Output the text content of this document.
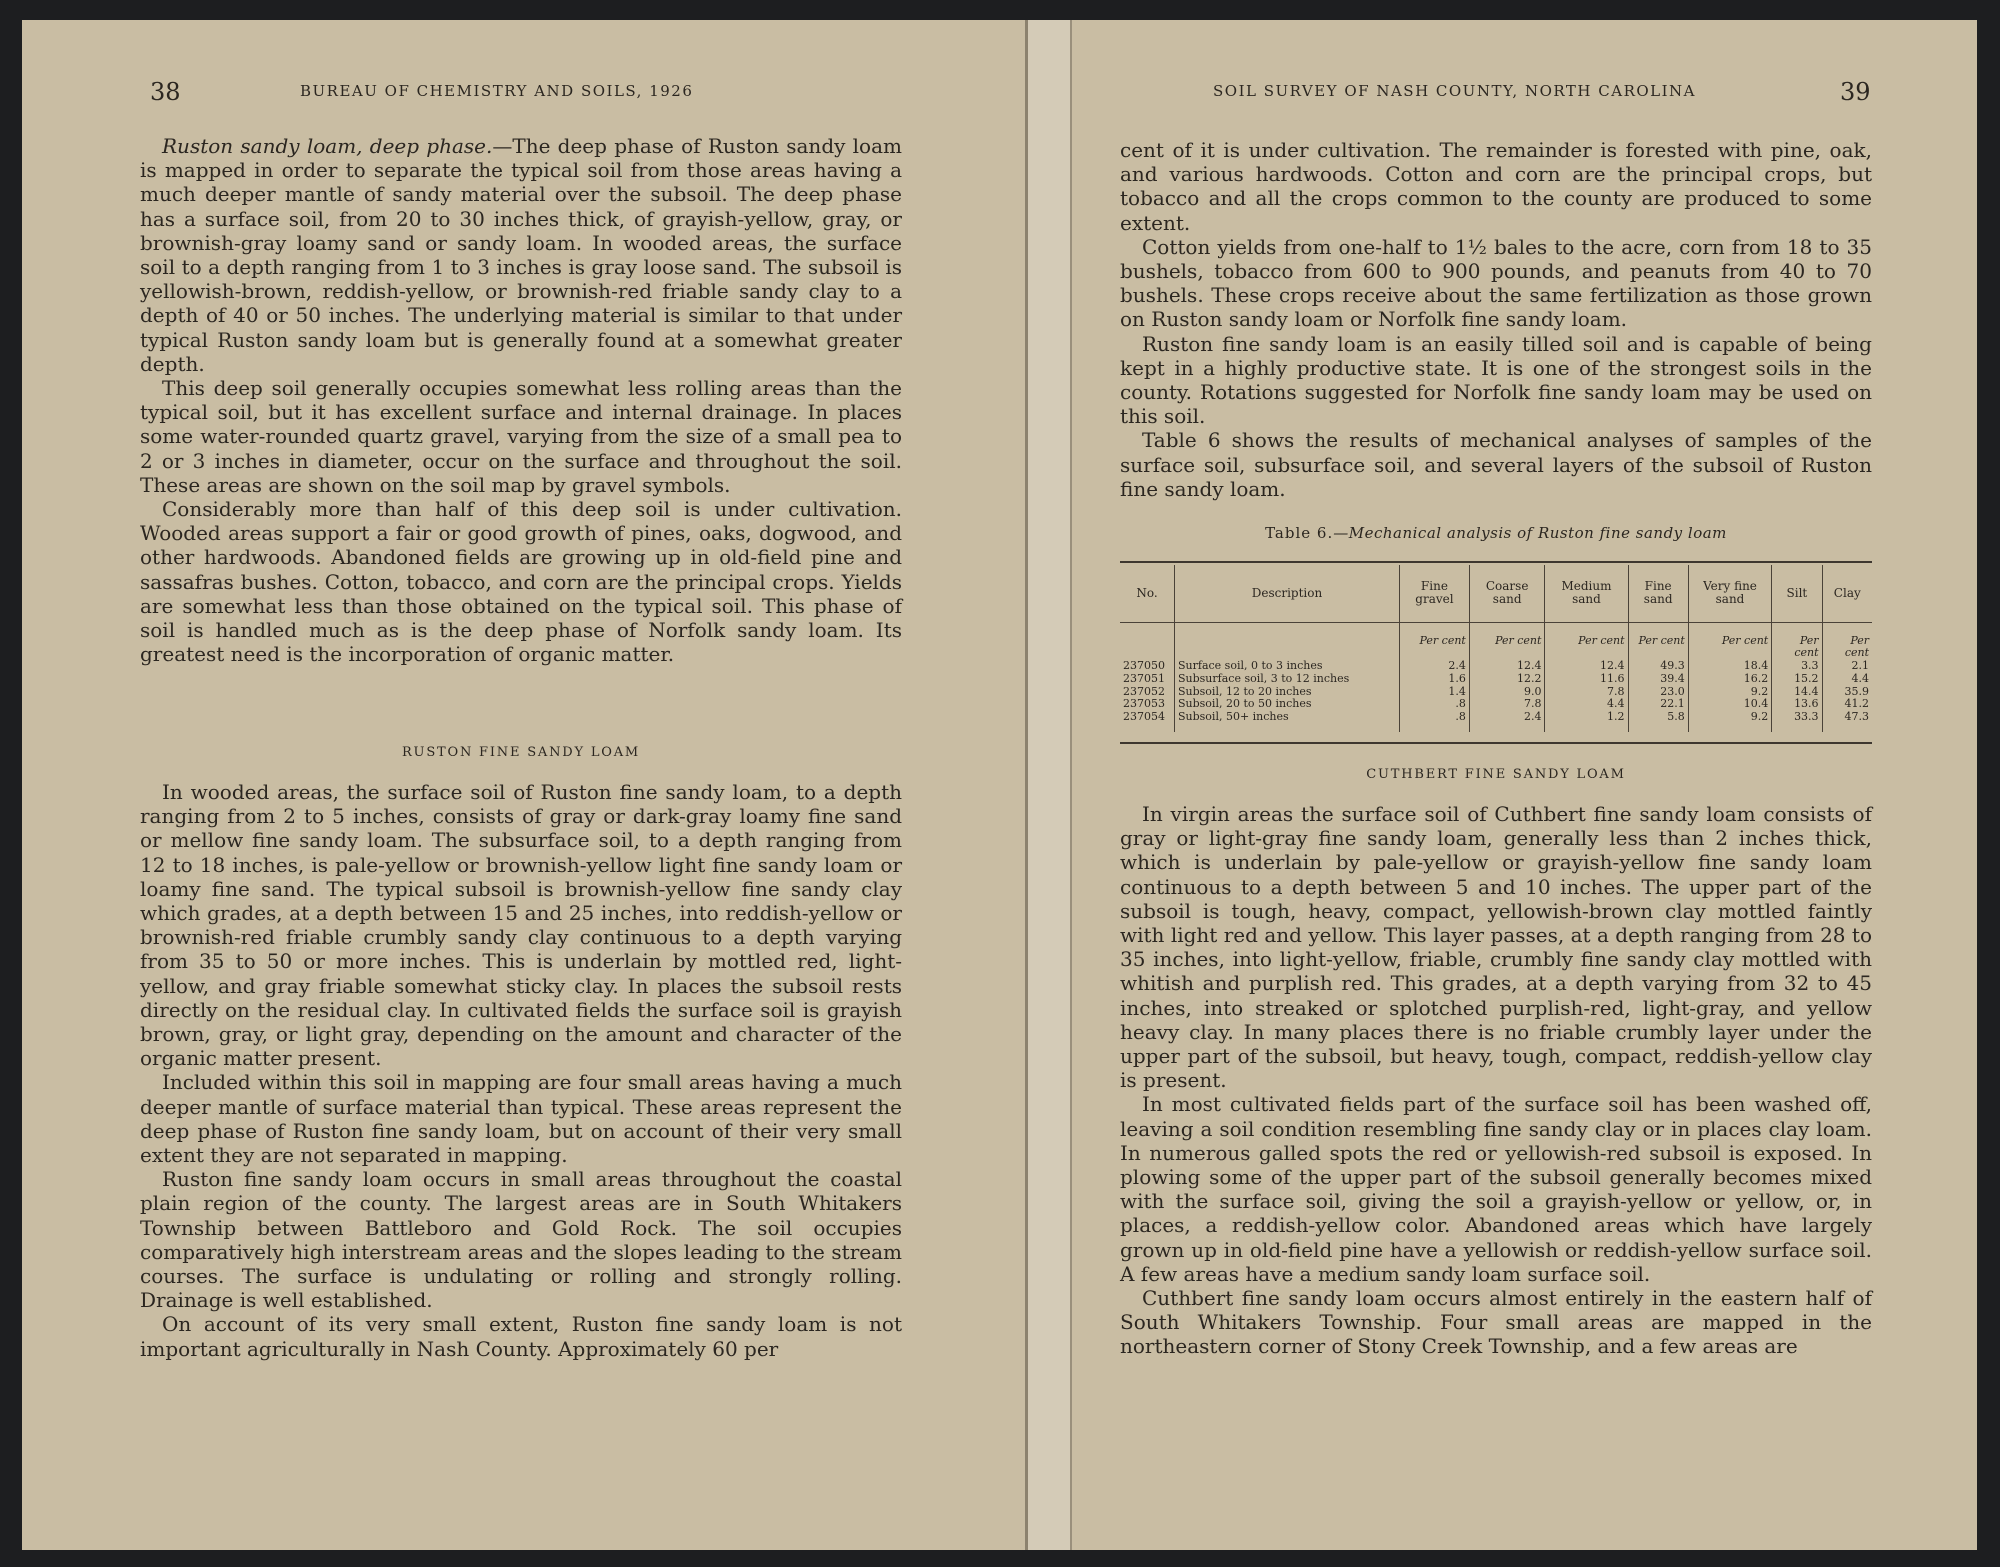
38	BUREAU OF CHEMISTRY AND SOILS, 1926

Ruston sandy loam, deep phase.—The deep phase of Ruston sandy loam is mapped in order to separate the typical soil from those areas having a much deeper mantle of sandy material over the subsoil. The deep phase has a surface soil, from 20 to 30 inches thick, of grayish-yellow, gray, or brownish-gray loamy sand or sandy loam. In wooded areas, the surface soil to a depth ranging from 1 to 3 inches is gray loose sand. The subsoil is yellowish-brown, reddish-yellow, or brownish-red friable sandy clay to a depth of 40 or 50 inches. The underlying material is similar to that under typical Ruston sandy loam but is generally found at a somewhat greater depth.

This deep soil generally occupies somewhat less rolling areas than the typical soil, but it has excellent surface and internal drainage. In places some water-rounded quartz gravel, varying from the size of a small pea to 2 or 3 inches in diameter, occur on the surface and throughout the soil. These areas are shown on the soil map by gravel symbols.

Considerably more than half of this deep soil is under cultivation. Wooded areas support a fair or good growth of pines, oaks, dogwood, and other hardwoods. Abandoned fields are growing up in old-field pine and sassafras bushes. Cotton, tobacco, and corn are the principal crops. Yields are somewhat less than those obtained on the typical soil. This phase of soil is handled much as is the deep phase of Norfolk sandy loam. Its greatest need is the incorporation of organic matter.

RUSTON FINE SANDY LOAM

In wooded areas, the surface soil of Ruston fine sandy loam, to a depth ranging from 2 to 5 inches, consists of gray or dark-gray loamy fine sand or mellow fine sandy loam. The subsurface soil, to a depth ranging from 12 to 18 inches, is pale-yellow or brownish-yellow light fine sandy loam or loamy fine sand. The typical subsoil is brownish-yellow fine sandy clay which grades, at a depth between 15 and 25 inches, into reddish-yellow or brownish-red friable crumbly sandy clay continuous to a depth varying from 35 to 50 or more inches. This is underlain by mottled red, light-yellow, and gray friable somewhat sticky clay. In places the subsoil rests directly on the residual clay. In cultivated fields the surface soil is grayish brown, gray, or light gray, depending on the amount and character of the organic matter present.

Included within this soil in mapping are four small areas having a much deeper mantle of surface material than typical. These areas represent the deep phase of Ruston fine sandy loam, but on account of their very small extent they are not separated in mapping.

Ruston fine sandy loam occurs in small areas throughout the coastal plain region of the county. The largest areas are in South Whitakers Township between Battleboro and Gold Rock. The soil occupies comparatively high interstream areas and the slopes leading to the stream courses. The surface is undulating or rolling and strongly rolling. Drainage is well established.

On account of its very small extent, Ruston fine sandy loam is not important agriculturally in Nash County. Approximately 60 per

SOIL SURVEY OF NASH COUNTY, NORTH CAROLINA	39

cent of it is under cultivation. The remainder is forested with pine, oak, and various hardwoods. Cotton and corn are the principal crops, but tobacco and all the crops common to the county are produced to some extent.

Cotton yields from one-half to 1½ bales to the acre, corn from 18 to 35 bushels, tobacco from 600 to 900 pounds, and peanuts from 40 to 70 bushels. These crops receive about the same fertilization as those grown on Ruston sandy loam or Norfolk fine sandy loam.

Ruston fine sandy loam is an easily tilled soil and is capable of being kept in a highly productive state. It is one of the strongest soils in the county. Rotations suggested for Norfolk fine sandy loam may be used on this soil.

Table 6 shows the results of mechanical analyses of samples of the surface soil, subsurface soil, and several layers of the subsoil of Ruston fine sandy loam.

Table 6.—Mechanical analysis of Ruston fine sandy loam
No.	Description	Fine gravel	Coarse sand	Medium sand	Fine sand	Very fine sand	Silt	Clay

		Per cent	Per cent	Per cent	Per cent	Per cent	Per cent	Per cent

237050	Surface soil, 0 to 3 inches	2.4	12.4	12.4	49.3	18.4	3.3	2.1
237051	Subsurface soil, 3 to 12 inches	1.6	12.2	11.6	39.4	16.2	15.2	4.4
237052	Subsoil, 12 to 20 inches	1.4	9.0	7.8	23.0	9.2	14.4	35.9
237053	Subsoil, 20 to 50 inches	.8	7.8	4.4	22.1	10.4	13.6	41.2
237054	Subsoil, 50+ inches	.8	2.4	1.2	5.8	9.2	33.3	47.3
CUTHBERT FINE SANDY LOAM

In virgin areas the surface soil of Cuthbert fine sandy loam consists of gray or light-gray fine sandy loam, generally less than 2 inches thick, which is underlain by pale-yellow or grayish-yellow fine sandy loam continuous to a depth between 5 and 10 inches. The upper part of the subsoil is tough, heavy, compact, yellowish-brown clay mottled faintly with light red and yellow. This layer passes, at a depth ranging from 28 to 35 inches, into light-yellow, friable, crumbly fine sandy clay mottled with whitish and purplish red. This grades, at a depth varying from 32 to 45 inches, into streaked or splotched purplish-red, light-gray, and yellow heavy clay. In many places there is no friable crumbly layer under the upper part of the subsoil, but heavy, tough, compact, reddish-yellow clay is present.

In most cultivated fields part of the surface soil has been washed off, leaving a soil condition resembling fine sandy clay or in places clay loam. In numerous galled spots the red or yellowish-red subsoil is exposed. In plowing some of the upper part of the subsoil generally becomes mixed with the surface soil, giving the soil a grayish-yellow or yellow, or, in places, a reddish-yellow color. Abandoned areas which have largely grown up in old-field pine have a yellowish or reddish-yellow surface soil. A few areas have a medium sandy loam surface soil.

Cuthbert fine sandy loam occurs almost entirely in the eastern half of South Whitakers Township. Four small areas are mapped in the northeastern corner of Stony Creek Township, and a few areas are
